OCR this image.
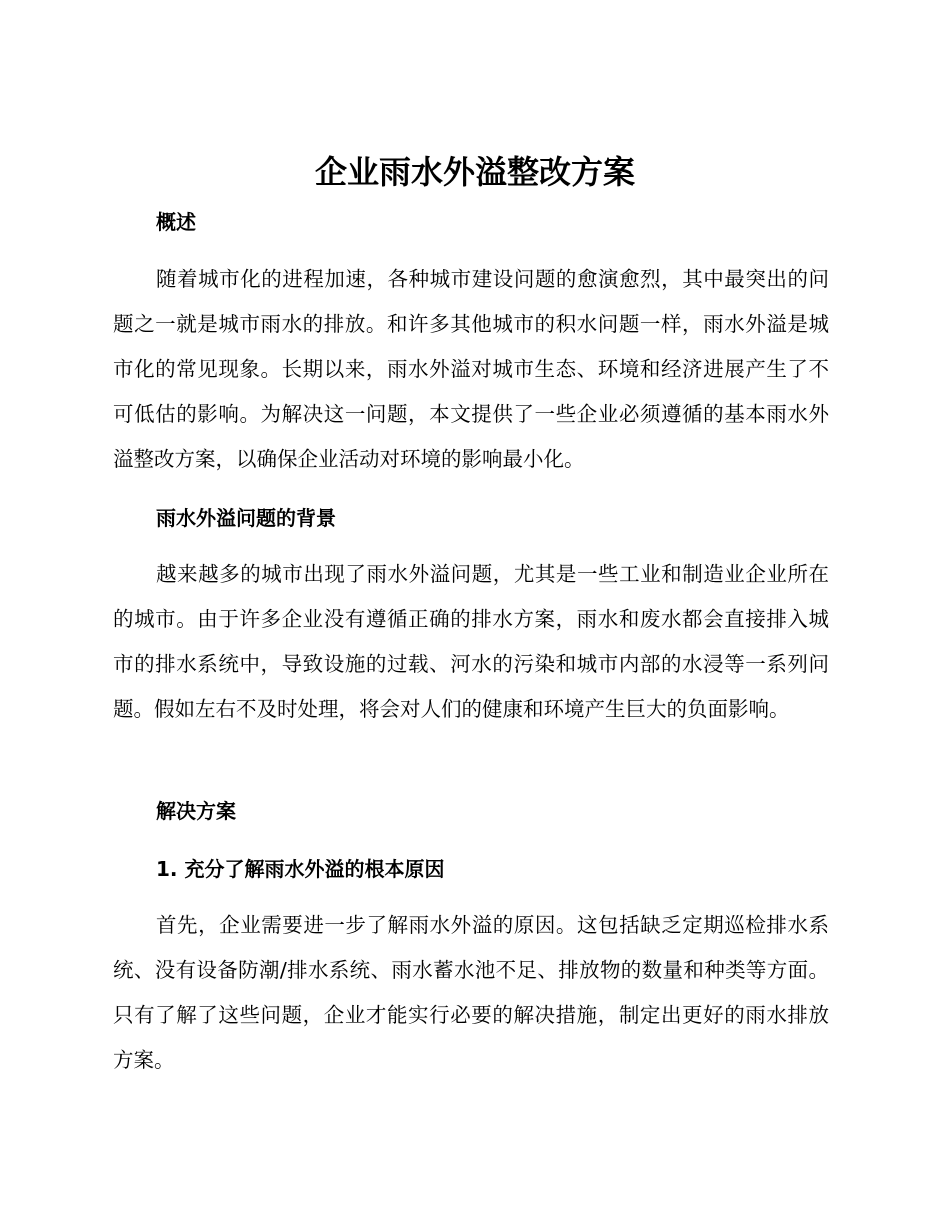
企业雨水外溢整改方案
概述

随着城市化的进程加速，各种城市建设问题的愈演愈烈，其中最突出的问题之一就是城市雨水的排放。和许多其他城市的积水问题一样，雨水外溢是城市化的常见现象。长期以来，雨水外溢对城市生态、环境和经济进展产生了不可低估的影响。为解决这一问题，本文提供了一些企业必须遵循的基本雨水外溢整改方案，以确保企业活动对环境的影响最小化。

雨水外溢问题的背景

越来越多的城市出现了雨水外溢问题，尤其是一些工业和制造业企业所在的城市。由于许多企业没有遵循正确的排水方案，雨水和废水都会直接排入城市的排水系统中，导致设施的过载、河水的污染和城市内部的水浸等一系列问题。假如左右不及时处理，将会对人们的健康和环境产生巨大的负面影响。

解决方案
1. 充分了解雨水外溢的根本原因

首先，企业需要进一步了解雨水外溢的原因。这包括缺乏定期巡检排水系统、没有设备防潮/排水系统、雨水蓄水池不足、排放物的数量和种类等方面。只有了解了这些问题，企业才能实行必要的解决措施，制定出更好的雨水排放方案。
